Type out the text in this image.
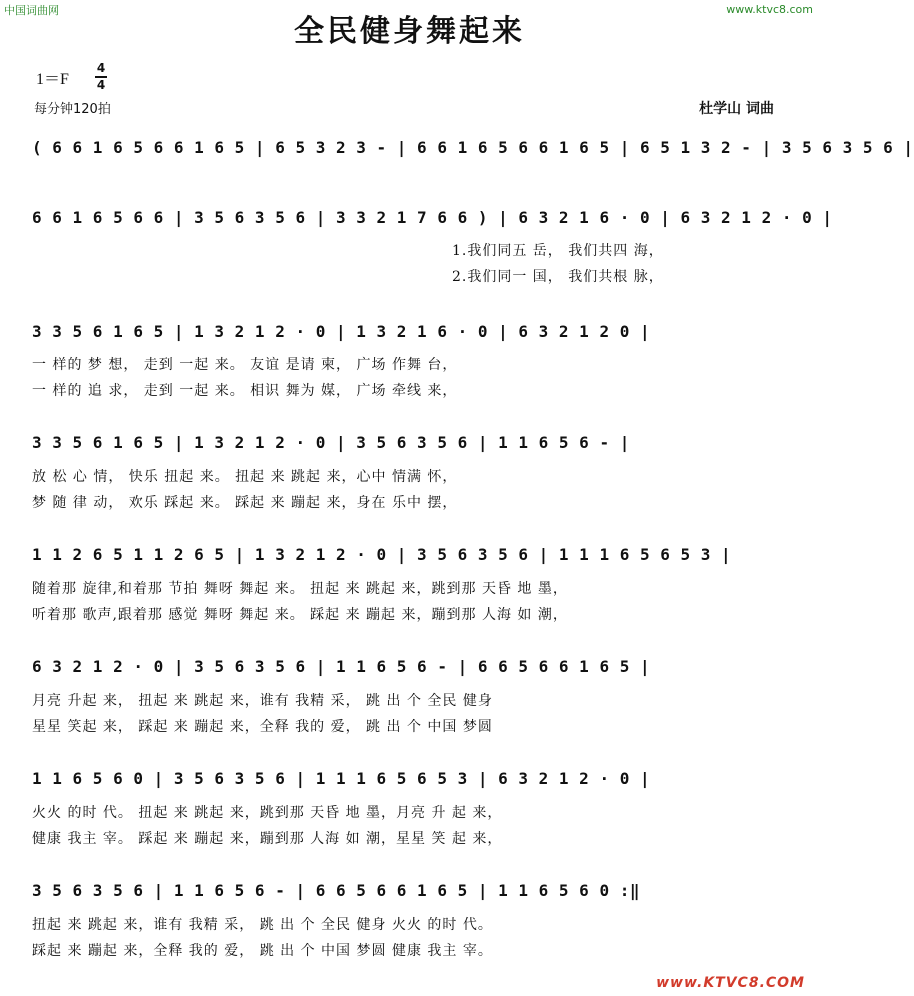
中国词曲网	www.ktvc8.com
全民健身舞起来
1＝F
4
4
每分钟120拍	杜学山 词曲
( 6 6 1 6 5 6 6 1 6 5 | 6 5 3 2 3 - | 6 6 1 6 5 6 6 1 6 5 | 6 5 1 3 2 - | 3 5 6 3 5 6 |
6 6 1 6 5 6 6 | 3 5 6 3 5 6 | 3 3 2 1 7 6 6 ) | 6 3 2 1 6 · 0 | 6 3 2 1 2 · 0 |
1.我们同五 岳， 我们共四 海，
2.我们同一 国， 我们共根 脉，
3 3 5 6 1 6 5 | 1 3 2 1 2 · 0 | 1 3 2 1 6 · 0 | 6 3 2 1 2 0 |
一 样的 梦 想， 走到 一起 来。 友谊 是请 柬， 广场 作舞 台，
一 样的 追 求， 走到 一起 来。 相识 舞为 媒， 广场 牵线 来，
3 3 5 6 1 6 5 | 1 3 2 1 2 · 0 | 3 5 6 3 5 6 | 1 1 6 5 6 - |
放 松 心 情， 快乐 扭起 来。 扭起 来 跳起 来，心中 情满 怀，
梦 随 律 动， 欢乐 踩起 来。 踩起 来 蹦起 来，身在 乐中 摆，
1 1 2 6 5 1 1 2 6 5 | 1 3 2 1 2 · 0 | 3 5 6 3 5 6 | 1 1 1 6 5 6 5 3 |
随着那 旋律,和着那 节拍 舞呀 舞起 来。 扭起 来 跳起 来，跳到那 天昏 地 墨，
听着那 歌声,跟着那 感觉 舞呀 舞起 来。 踩起 来 蹦起 来，蹦到那 人海 如 潮，
6 3 2 1 2 · 0 | 3 5 6 3 5 6 | 1 1 6 5 6 - | 6 6 5 6 6 1 6 5 |
月亮 升起 来， 扭起 来 跳起 来，谁有 我精 采， 跳 出 个 全民 健身
星星 笑起 来， 踩起 来 蹦起 来，全释 我的 爱， 跳 出 个 中国 梦圆
1 1 6 5 6 0 | 3 5 6 3 5 6 | 1 1 1 6 5 6 5 3 | 6 3 2 1 2 · 0 |
火火 的时 代。 扭起 来 跳起 来，跳到那 天昏 地 墨，月亮 升 起 来，
健康 我主 宰。 踩起 来 蹦起 来，蹦到那 人海 如 潮，星星 笑 起 来，
3 5 6 3 5 6 | 1 1 6 5 6 - | 6 6 5 6 6 1 6 5 | 1 1 6 5 6 0 :‖
扭起 来 跳起 来，谁有 我精 采， 跳 出 个 全民 健身 火火 的时 代。
踩起 来 蹦起 来，全释 我的 爱， 跳 出 个 中国 梦圆 健康 我主 宰。
www.KTVC8.COM
